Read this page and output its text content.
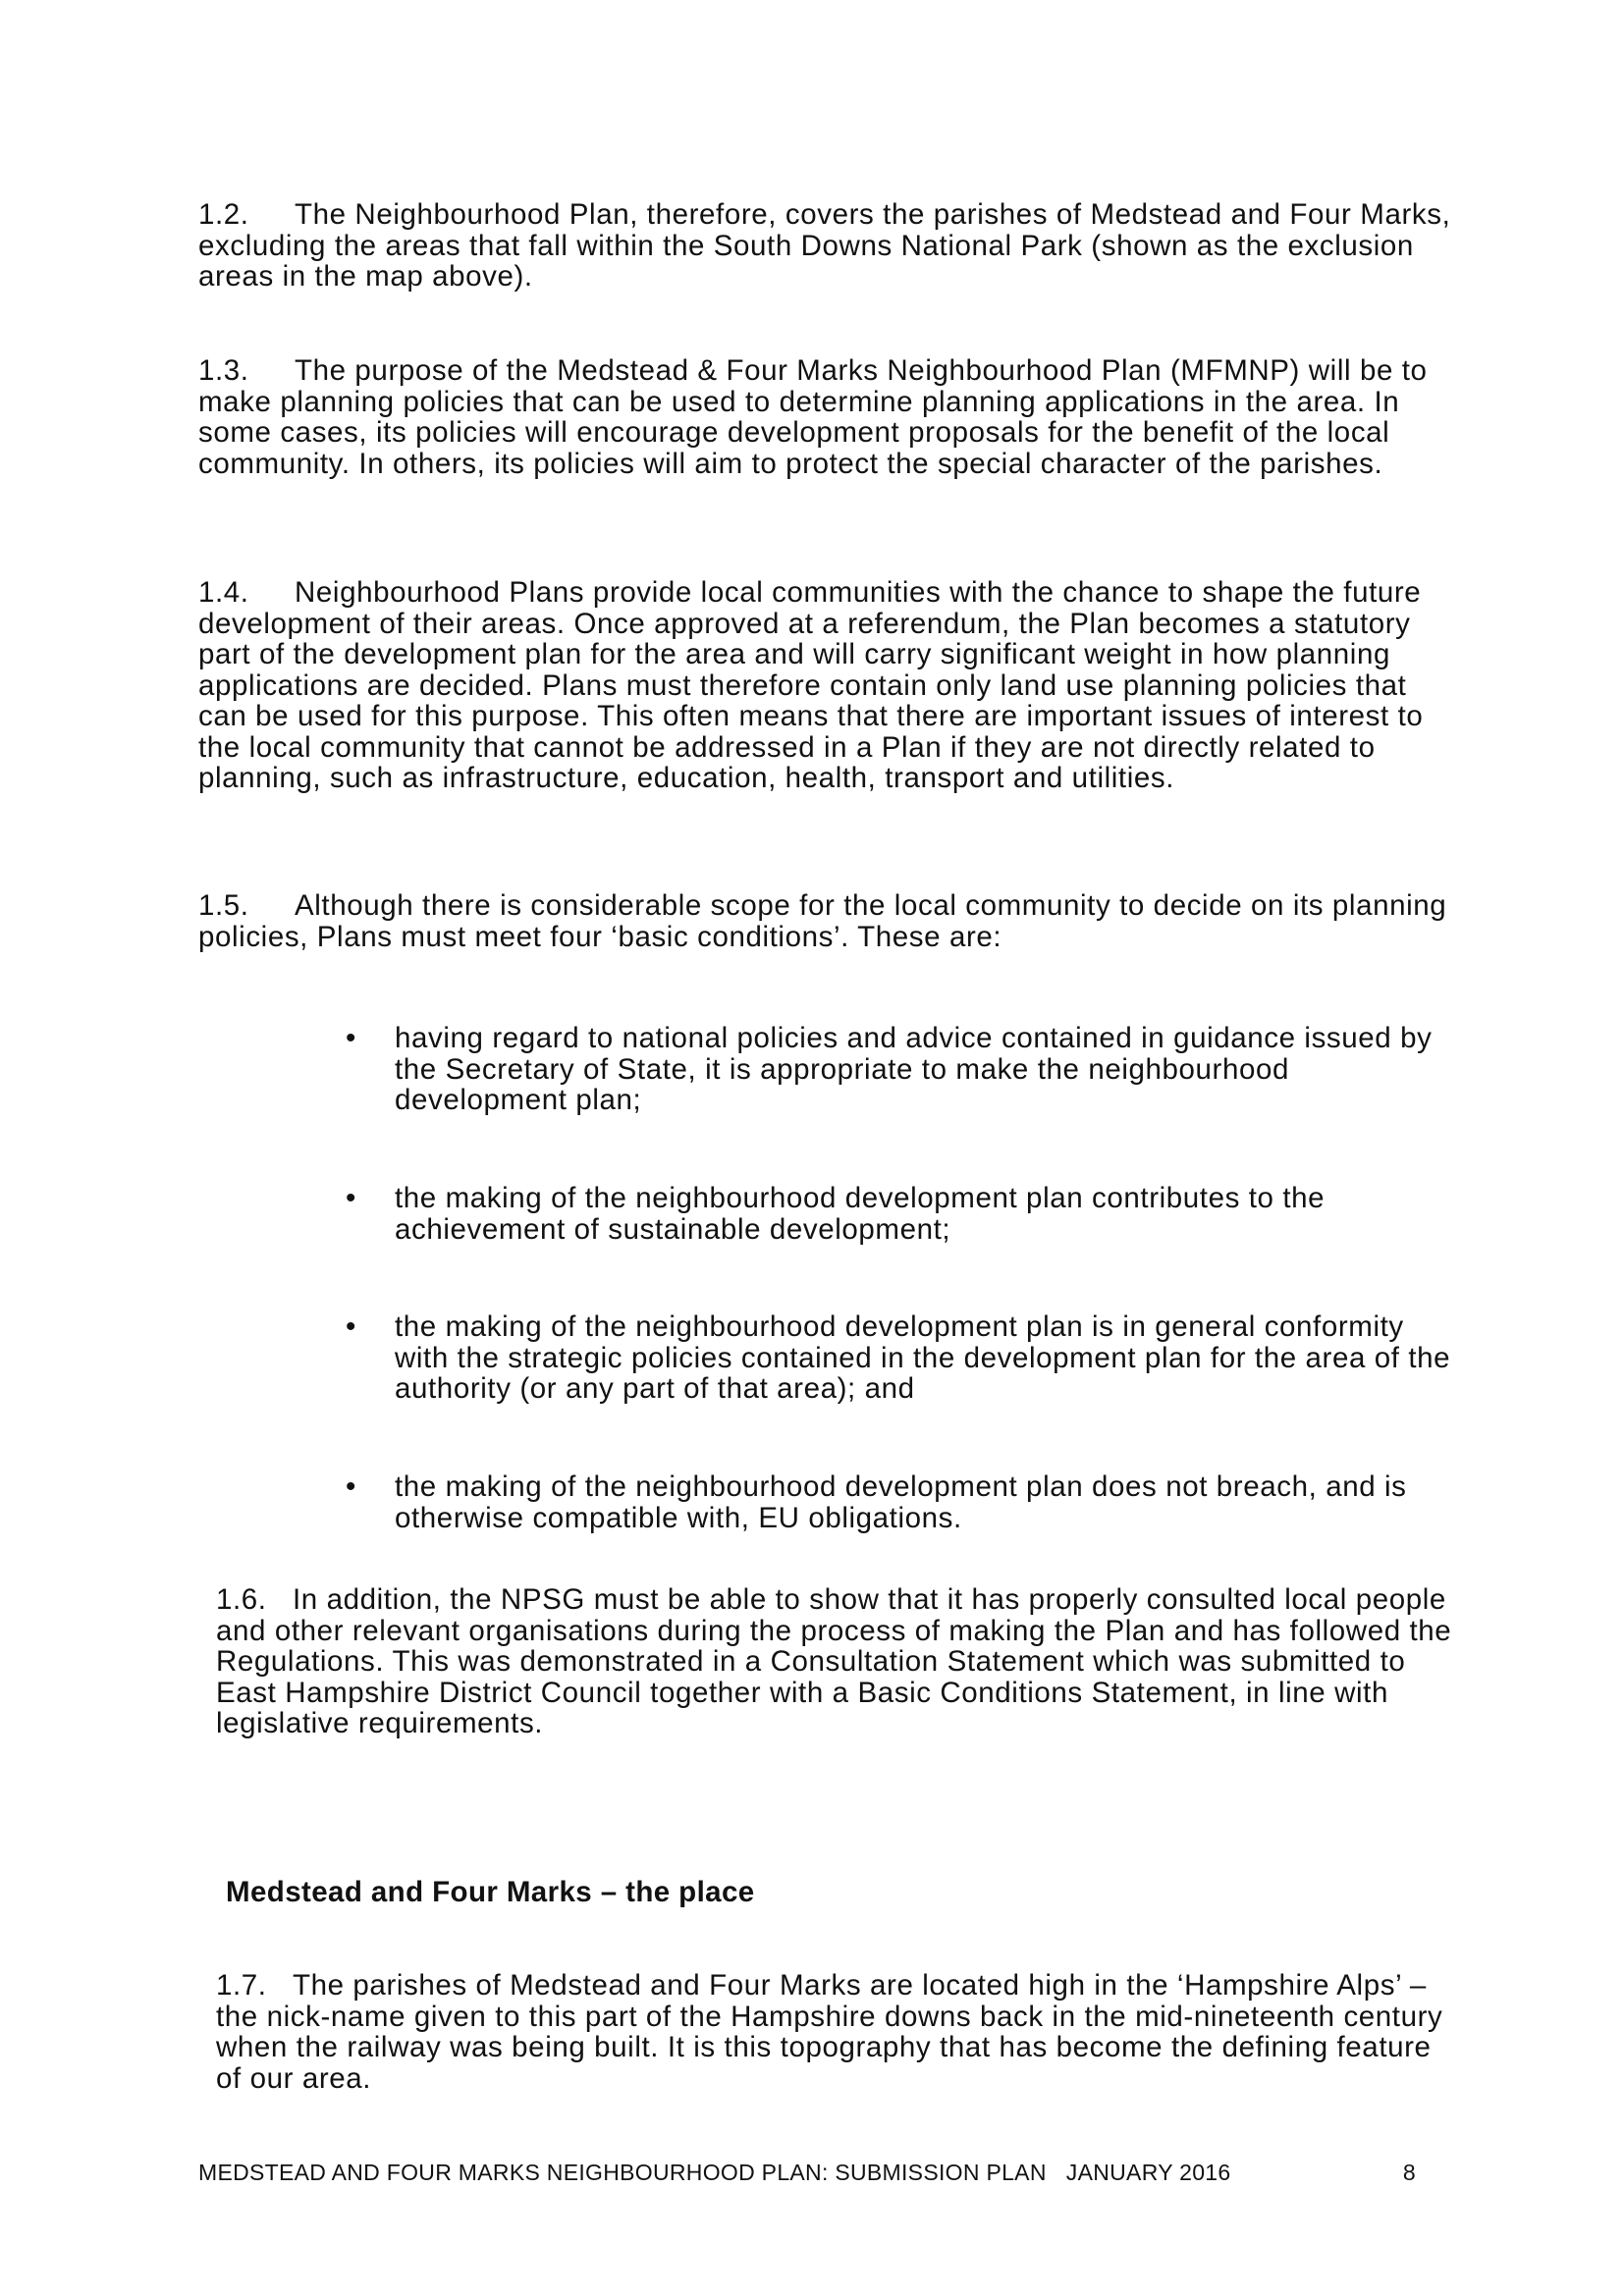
1.2. The Neighbourhood Plan, therefore, covers the parishes of Medstead and Four Marks, excluding the areas that fall within the South Downs National Park (shown as the exclusion areas in the map above).

1.3. The purpose of the Medstead & Four Marks Neighbourhood Plan (MFMNP) will be to make planning policies that can be used to determine planning applications in the area. In some cases, its policies will encourage development proposals for the benefit of the local community. In others, its policies will aim to protect the special character of the parishes.

1.4. Neighbourhood Plans provide local communities with the chance to shape the future development of their areas. Once approved at a referendum, the Plan becomes a statutory part of the development plan for the area and will carry significant weight in how planning applications are decided. Plans must therefore contain only land use planning policies that can be used for this purpose. This often means that there are important issues of interest to the local community that cannot be addressed in a Plan if they are not directly related to planning, such as infrastructure, education, health, transport and utilities.

1.5. Although there is considerable scope for the local community to decide on its planning policies, Plans must meet four ‘basic conditions’. These are:

•	having regard to national policies and advice contained in guidance issued by the Secretary of State, it is appropriate to make the neighbourhood development plan;
•	the making of the neighbourhood development plan contributes to the achievement of sustainable development;
•	the making of the neighbourhood development plan is in general conformity with the strategic policies contained in the development plan for the area of the authority (or any part of that area); and
•	the making of the neighbourhood development plan does not breach, and is otherwise compatible with, EU obligations.

1.6. In addition, the NPSG must be able to show that it has properly consulted local people and other relevant organisations during the process of making the Plan and has followed the Regulations. This was demonstrated in a Consultation Statement which was submitted to East Hampshire District Council together with a Basic Conditions Statement, in line with legislative requirements.

Medstead and Four Marks – the place

1.7. The parishes of Medstead and Four Marks are located high in the ‘Hampshire Alps’ – the nick-name given to this part of the Hampshire downs back in the mid-nineteenth century when the railway was being built. It is this topography that has become the defining feature of our area.

MEDSTEAD AND FOUR MARKS NEIGHBOURHOOD PLAN: SUBMISSION PLAN   JANUARY 2016	8
